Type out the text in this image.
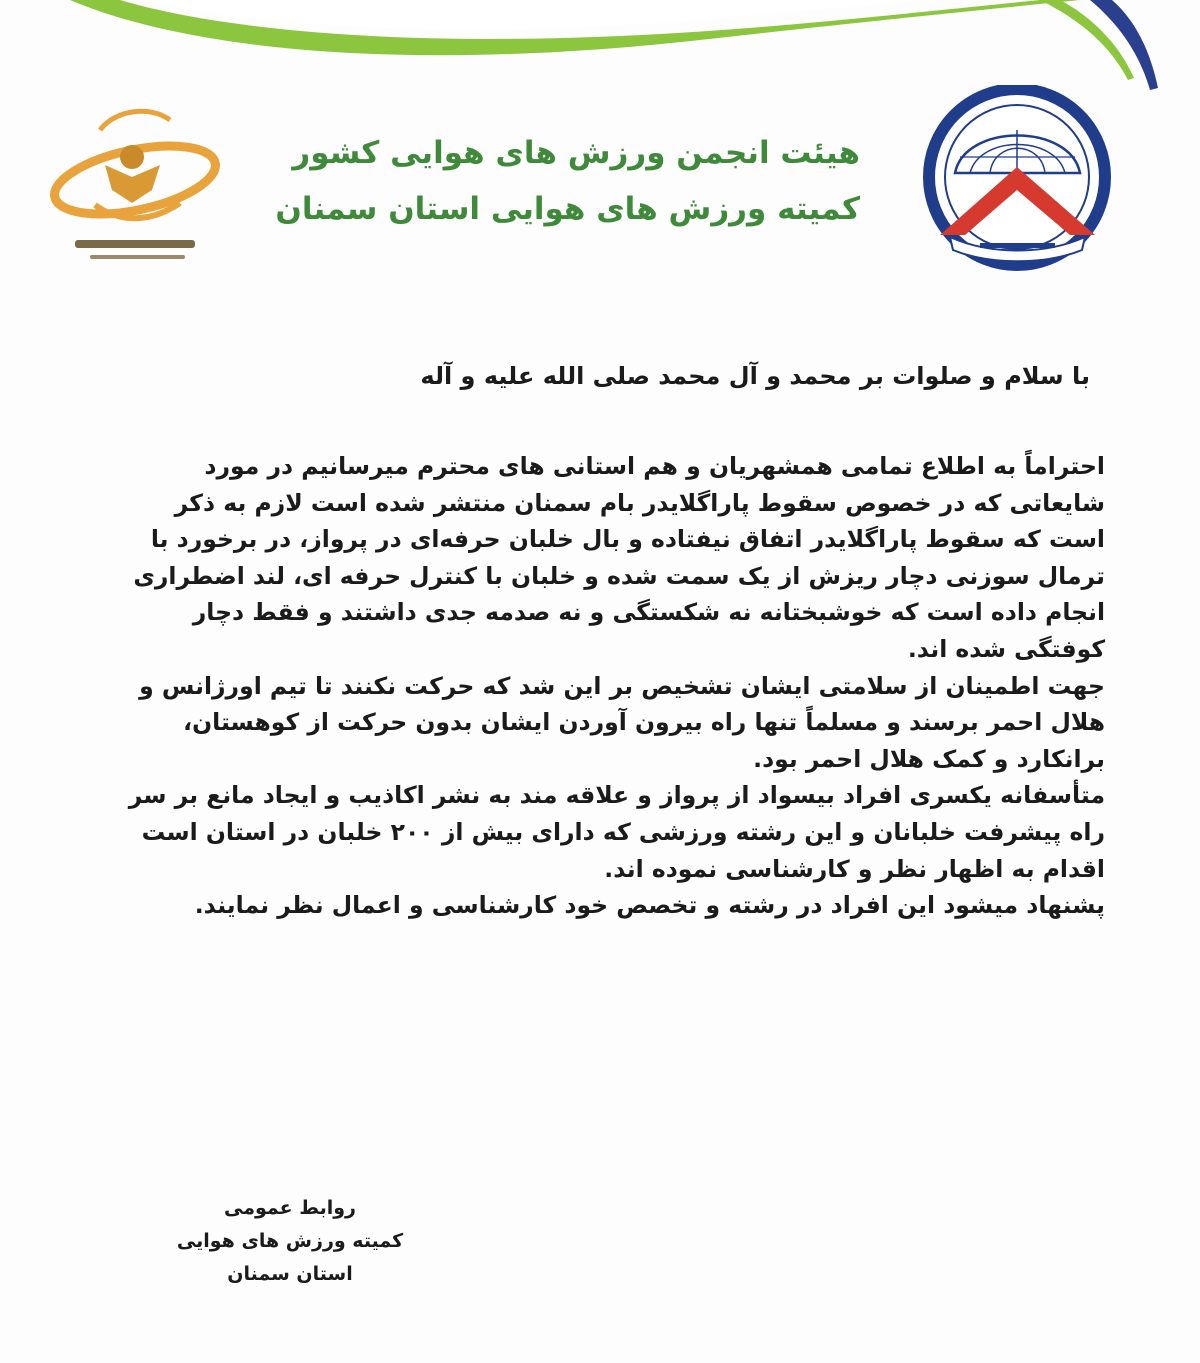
هیئت انجمن ورزش های هوایی کشور
کمیته ورزش های هوایی استان سمنان
با سلام و صلوات بر محمد و آل محمد صلی الله علیه و آله

احتراماً به اطلاع تمامی همشهریان و هم استانی های محترم میرسانیم در مورد شایعاتی که در خصوص سقوط پاراگلایدر بام سمنان منتشر شده است لازم به ذکر است که سقوط پاراگلایدر اتفاق نیفتاده و بال خلبان حرفه‌ای در پرواز، در برخورد با ترمال سوزنی دچار ریزش از یک سمت شده و خلبان با کنترل حرفه ای، لند اضطراری انجام داده است که خوشبختانه نه شکستگی و نه صدمه جدی داشتند و فقط دچار کوفتگی شده اند.

جهت اطمینان از سلامتی ایشان تشخیص بر این شد که حرکت نکنند تا تیم اورژانس و هلال احمر برسند و مسلماً تنها راه بیرون آوردن ایشان بدون حرکت از کوهستان، برانکارد و کمک هلال احمر بود.

متأسفانه یکسری افراد بیسواد از پرواز و علاقه مند به نشر اکاذیب و ایجاد مانع بر سر راه پیشرفت خلبانان و این رشته ورزشی که دارای بیش از ۲۰۰ خلبان در استان است اقدام به اظهار نظر و کارشناسی نموده اند.

پشنهاد میشود این افراد در رشته و تخصص خود کارشناسی و اعمال نظر نمایند.

روابط عمومی
کمیته ورزش های هوایی
استان سمنان
